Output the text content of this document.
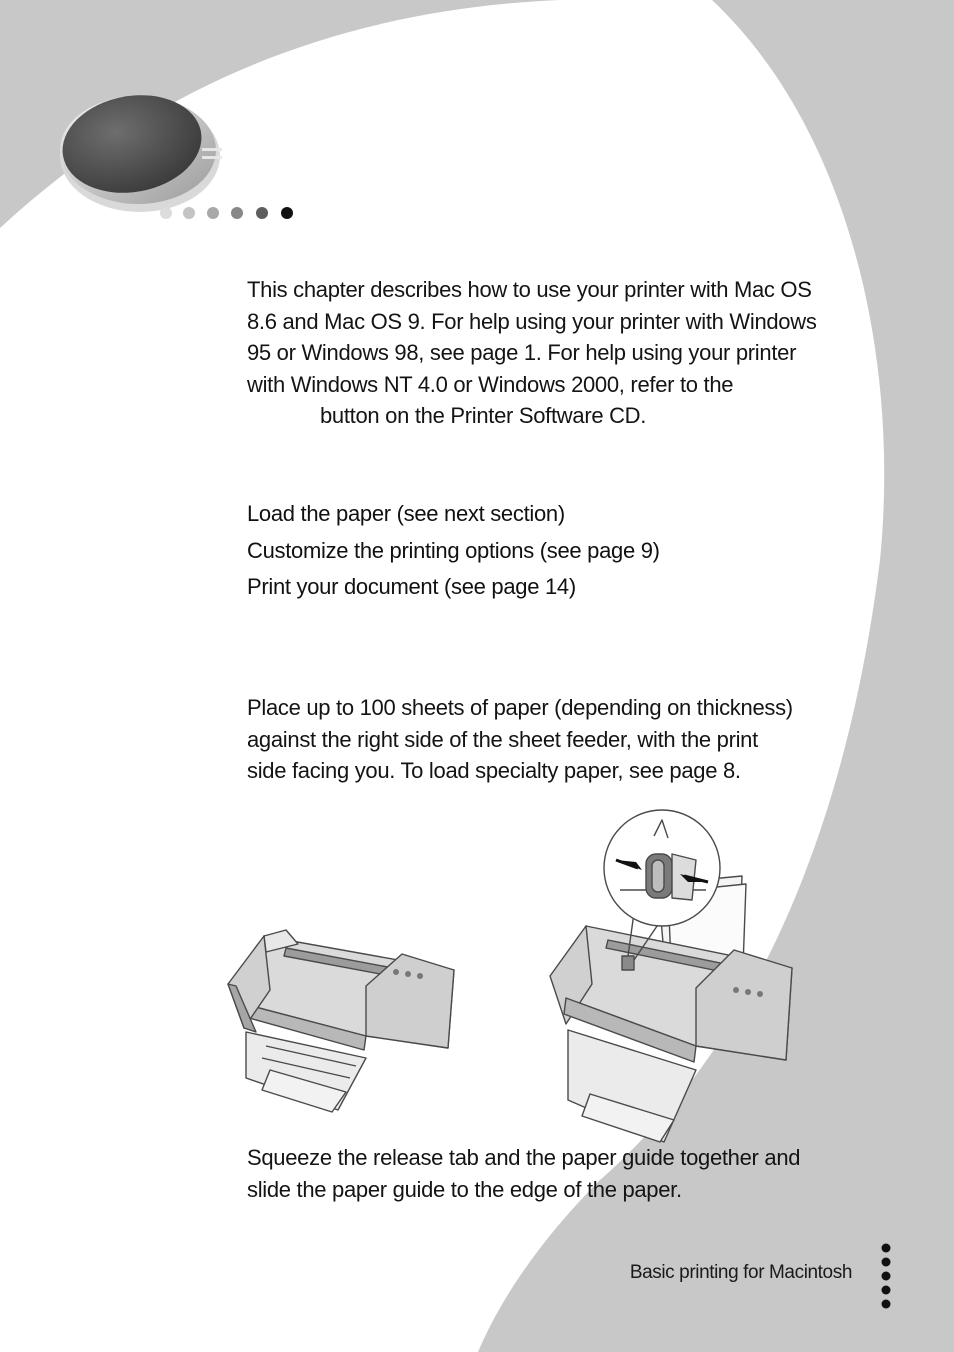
This chapter describes how to use your printer with Mac OS
8.6 and Mac OS 9. For help using your printer with Windows
95 or Windows 98, see page 1. For help using your printer
with Windows NT 4.0 or Windows 2000, refer to the
button on the Printer Software CD.

Load the paper (see next section)
Customize the printing options (see page 9)
Print your document (see page 14)

Place up to 100 sheets of paper (depending on thickness)
against the right side of the sheet feeder, with the print
side facing you. To load specialty paper, see page 8.

Squeeze the release tab and the paper guide together and
slide the paper guide to the edge of the paper.

Basic printing for Macintosh
